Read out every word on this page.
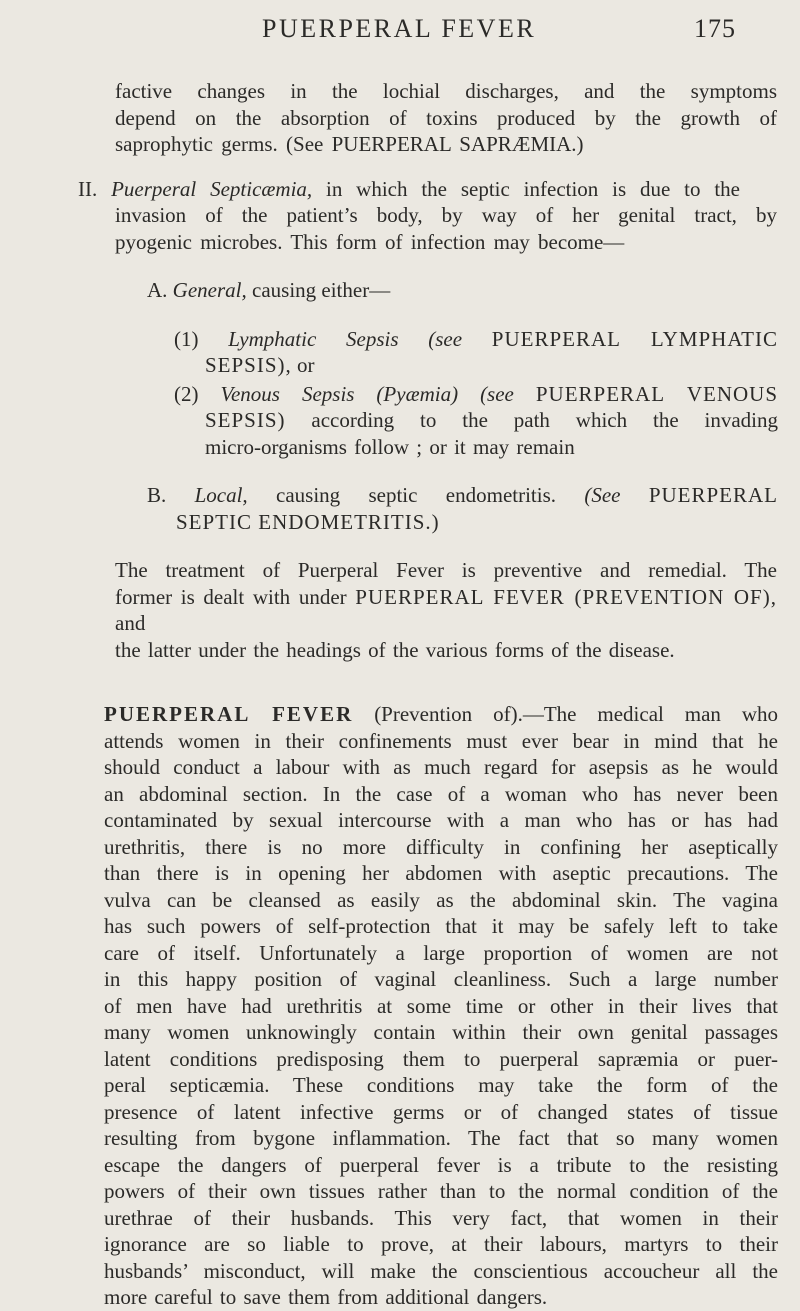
PUERPERAL FEVER	175
factive changes in the lochial discharges, and the symptoms
depend on the absorption of toxins produced by the growth of
saprophytic germs. (See PUERPERAL SAPRÆMIA.)
II. Puerperal Septicæmia, in which the septic infection is due to the
invasion of the patient’s body, by way of her genital tract, by
pyogenic microbes. This form of infection may become—
A. General, causing either—
(1) Lymphatic Sepsis (see PUERPERAL LYMPHATIC
SEPSIS), or
(2) Venous Sepsis (Pyæmia) (see PUERPERAL VENOUS
SEPSIS) according to the path which the invading
micro-organisms follow ; or it may remain
B. Local, causing septic endometritis. (See PUERPERAL
SEPTIC ENDOMETRITIS.)
The treatment of Puerperal Fever is preventive and remedial. The
former is dealt with under PUERPERAL FEVER (PREVENTION OF), and
the latter under the headings of the various forms of the disease.
PUERPERAL FEVER (Prevention of).—The medical man who
attends women in their confinements must ever bear in mind that he
should conduct a labour with as much regard for asepsis as he would
an abdominal section. In the case of a woman who has never been
contaminated by sexual intercourse with a man who has or has had
urethritis, there is no more difficulty in confining her aseptically
than there is in opening her abdomen with aseptic precautions. The
vulva can be cleansed as easily as the abdominal skin. The vagina
has such powers of self-protection that it may be safely left to take
care of itself. Unfortunately a large proportion of women are not
in this happy position of vaginal cleanliness. Such a large number
of men have had urethritis at some time or other in their lives that
many women unknowingly contain within their own genital passages
latent conditions predisposing them to puerperal sapræmia or puer-
peral septicæmia. These conditions may take the form of the
presence of latent infective germs or of changed states of tissue
resulting from bygone inflammation. The fact that so many women
escape the dangers of puerperal fever is a tribute to the resisting
powers of their own tissues rather than to the normal condition of the
urethrae of their husbands. This very fact, that women in their
ignorance are so liable to prove, at their labours, martyrs to their
husbands’ misconduct, will make the conscientious accoucheur all the
more careful to save them from additional dangers.
